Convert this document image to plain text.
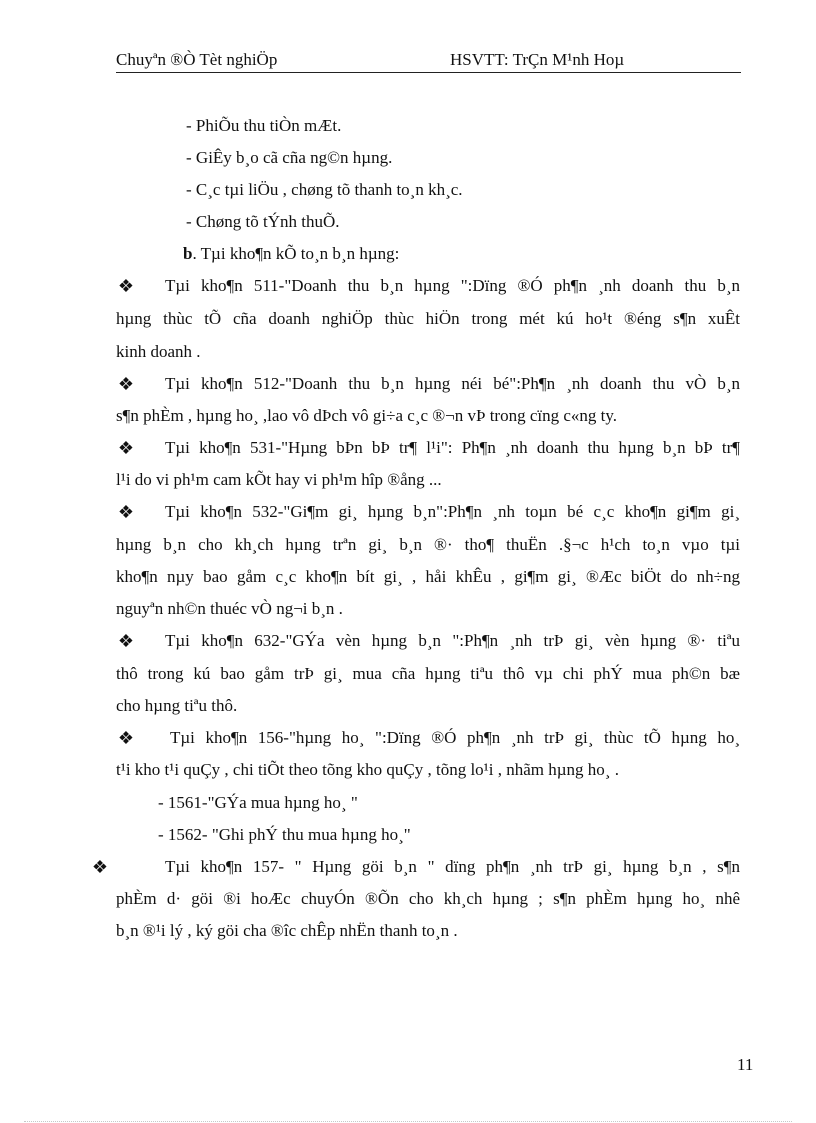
Chuyªn ®Ò Tèt nghiÖp	HSVTT: TrÇn M¹nh Hoµ
- PhiÕu thu tiÒn mÆt.
- GiÊy b¸o cã cña ng©n hµng.
- C¸c tµi liÖu , chøng tõ thanh to¸n kh¸c.
- Chøng tõ tÝnh thuÕ.
b. Tµi kho¶n kÕ to¸n b¸n hµng:
❖ Tµi kho¶n 511-"Doanh thu b¸n hµng ":Dïng ®Ó ph¶n ¸nh doanh thu b¸n
hµng thùc tÕ cña doanh nghiÖp thùc hiÖn trong mét kú ho¹t ®éng s¶n xuÊt
kinh doanh .
❖ Tµi kho¶n 512-"Doanh thu b¸n hµng néi bé":Ph¶n ¸nh doanh thu vÒ b¸n
s¶n phÈm , hµng ho¸ ,lao vô dÞch vô gi÷a c¸c ®¬n vÞ trong cïng c«ng ty.
❖ Tµi kho¶n 531-"Hµng bÞn bÞ tr¶ l¹i": Ph¶n ¸nh doanh thu hµng b¸n bÞ tr¶
l¹i do vi ph¹m cam kÕt hay vi ph¹m hîp ®ång ...
❖ Tµi kho¶n 532-"Gi¶m gi¸ hµng b¸n":Ph¶n ¸nh toµn bé c¸c kho¶n gi¶m gi¸
hµng b¸n cho kh¸ch hµng trªn gi¸ b¸n ®· tho¶ thuËn .§¬c h¹ch to¸n vµo tµi
kho¶n nµy bao gåm c¸c kho¶n bít gi¸ , håi khÊu , gi¶m gi¸ ®Æc biÖt do nh÷ng
nguyªn nh©n thuéc vÒ ng¬i b¸n .
❖ Tµi kho¶n 632-"GÝa vèn hµng b¸n ":Ph¶n ¸nh trÞ gi¸ vèn hµng ®· tiªu
thô trong kú bao gåm trÞ gi¸ mua cña hµng tiªu thô vµ chi phÝ mua ph©n bæ
cho hµng tiªu thô.
❖ Tµi kho¶n 156-"hµng ho¸ ":Dïng ®Ó ph¶n ¸nh trÞ gi¸ thùc tÕ hµng ho¸
t¹i kho t¹i quÇy , chi tiÕt theo tõng kho quÇy , tõng lo¹i , nhãm hµng ho¸ .
- 1561-"GÝa mua hµng ho¸ "
- 1562- "Ghi phÝ thu mua hµng ho¸"
❖	Tµi kho¶n 157- " Hµng göi b¸n " dïng ph¶n ¸nh trÞ gi¸ hµng b¸n , s¶n
phÈm d· göi ®i hoÆc chuyÓn ®Õn cho kh¸ch hµng ; s¶n phÈm hµng ho¸ nhê
b¸n ®¹i lý , ký göi cha ®îc chÊp nhËn thanh to¸n .
11
